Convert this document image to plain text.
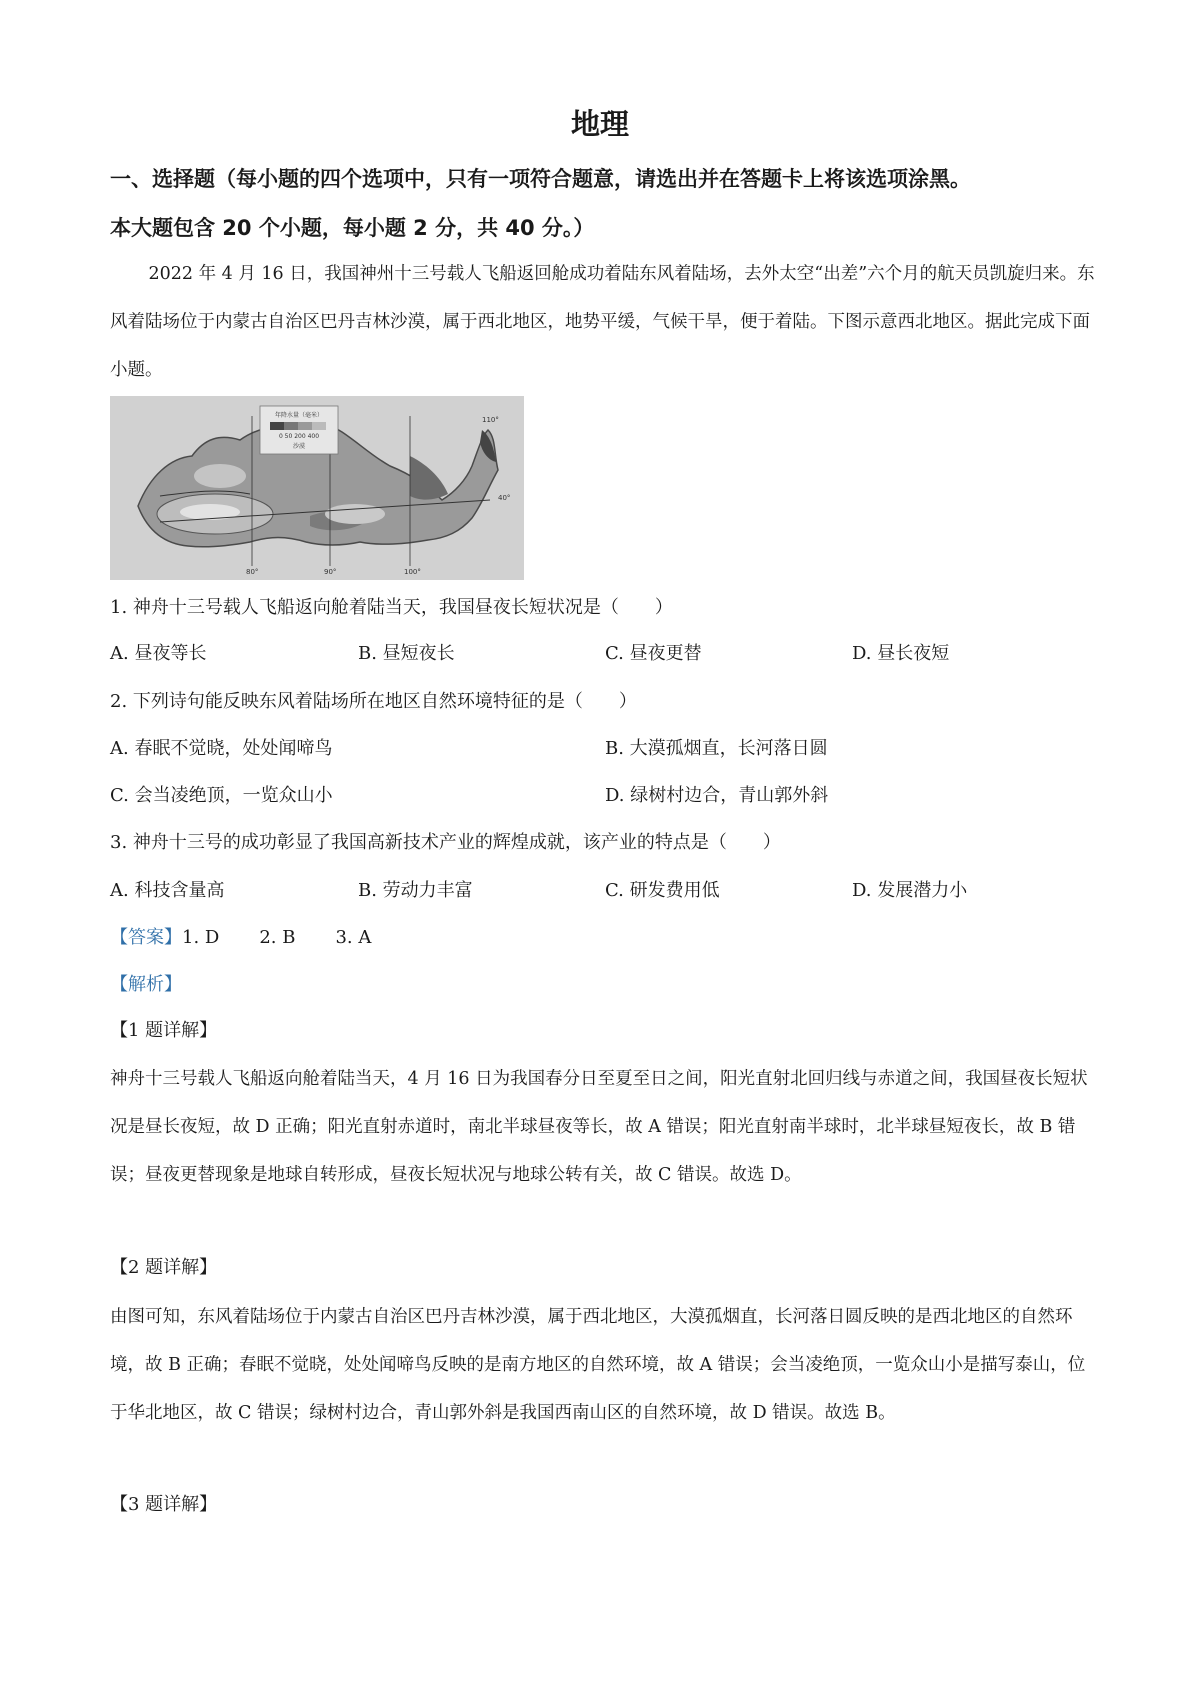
地理
一、选择题（每小题的四个选项中，只有一项符合题意，请选出并在答题卡上将该选项涂黑。
本大题包含 20 个小题，每小题 2 分，共 40 分。）
2022 年 4 月 16 日，我国神州十三号载人飞船返回舱成功着陆东风着陆场，去外太空“出差”六个月的航天员凯旋归来。东风着陆场位于内蒙古自治区巴丹吉林沙漠，属于西北地区，地势平缓，气候干旱，便于着陆。下图示意西北地区。据此完成下面小题。
年降水量（毫米）
0 50 200 400
沙漠
80°	90°	100°
110°
40°
1. 神舟十三号载人飞船返向舱着陆当天，我国昼夜长短状况是（　　）
A. 昼夜等长	B. 昼短夜长	C. 昼夜更替	D. 昼长夜短
2. 下列诗句能反映东风着陆场所在地区自然环境特征的是（　　）
A. 春眠不觉晓，处处闻啼鸟	B. 大漠孤烟直，长河落日圆
C. 会当凌绝顶，一览众山小	D. 绿树村边合，青山郭外斜
3. 神舟十三号的成功彰显了我国高新技术产业的辉煌成就，该产业的特点是（　　）
A. 科技含量高	B. 劳动力丰富	C. 研发费用低	D. 发展潜力小
【答案】1. D 2. B 3. A
【解析】
【1 题详解】
神舟十三号载人飞船返向舱着陆当天，4 月 16 日为我国春分日至夏至日之间，阳光直射北回归线与赤道之间，我国昼夜长短状况是昼长夜短，故 D 正确；阳光直射赤道时，南北半球昼夜等长，故 A 错误；阳光直射南半球时，北半球昼短夜长，故 B 错误；昼夜更替现象是地球自转形成，昼夜长短状况与地球公转有关，故 C 错误。故选 D。
【2 题详解】
由图可知，东风着陆场位于内蒙古自治区巴丹吉林沙漠，属于西北地区，大漠孤烟直，长河落日圆反映的是西北地区的自然环境，故 B 正确；春眠不觉晓，处处闻啼鸟反映的是南方地区的自然环境，故 A 错误；会当凌绝顶，一览众山小是描写泰山，位于华北地区，故 C 错误；绿树村边合，青山郭外斜是我国西南山区的自然环境，故 D 错误。故选 B。
【3 题详解】
